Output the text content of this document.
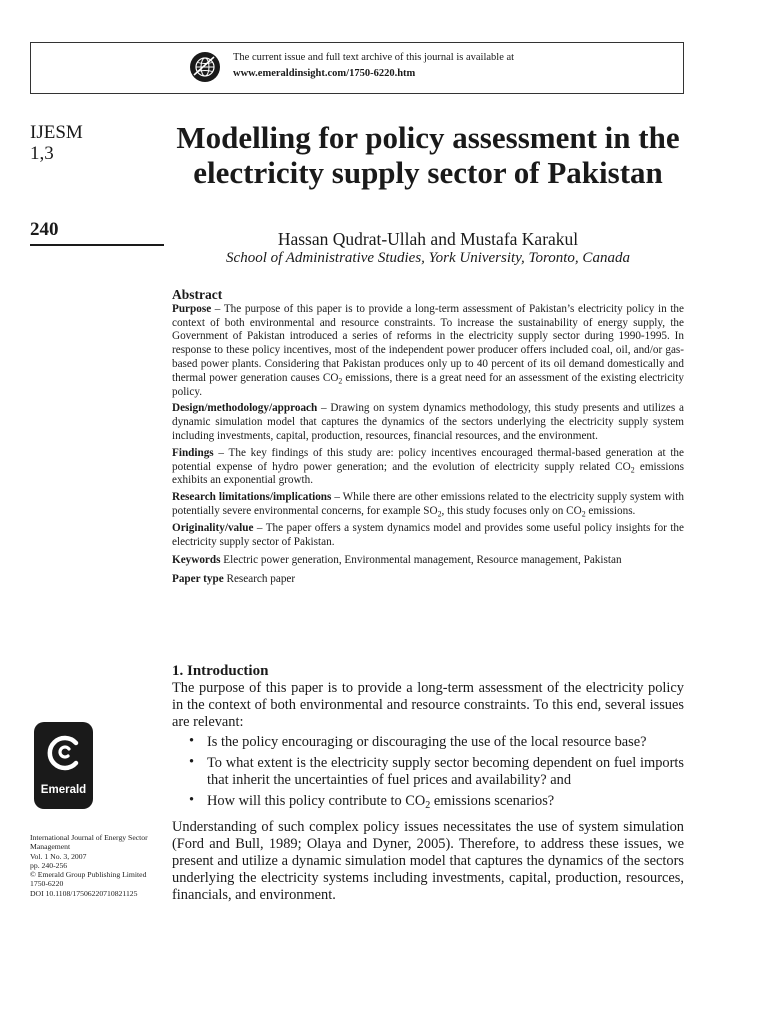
The current issue and full text archive of this journal is available at
www.emeraldinsight.com/1750-6220.htm
IJESM
1,3
240
Modelling for policy assessment in the electricity supply sector of Pakistan
Hassan Qudrat-Ullah and Mustafa Karakul
School of Administrative Studies, York University, Toronto, Canada
Abstract

Purpose – The purpose of this paper is to provide a long-term assessment of Pakistan’s electricity policy in the context of both environmental and resource constraints. To increase the sustainability of energy supply, the Government of Pakistan introduced a series of reforms in the electricity supply sector during 1990-1995. In response to these policy incentives, most of the independent power producer offers included coal, oil, and/or gas-based power plants. Considering that Pakistan produces only up to 40 percent of its oil demand domestically and thermal power generation causes $CO_2$ emissions, there is a great need for an assessment of the existing electricity policy.

Design/methodology/approach – Drawing on system dynamics methodology, this study presents and utilizes a dynamic simulation model that captures the dynamics of the sectors underlying the electricity supply system including investments, capital, production, resources, financial resources, and the environment.

Findings – The key findings of this study are: policy incentives encouraged thermal-based generation at the potential expense of hydro power generation; and the evolution of electricity supply related $CO_2$ emissions exhibits an exponential growth.

Research limitations/implications – While there are other emissions related to the electricity supply system with potentially severe environmental concerns, for example $SO_2$, this study focuses only on $CO_2$ emissions.

Originality/value – The paper offers a system dynamics model and provides some useful policy insights for the electricity supply sector of Pakistan.

Keywords Electric power generation, Environmental management, Resource management, Pakistan

Paper type Research paper

1. Introduction

The purpose of this paper is to provide a long-term assessment of the electricity policy in the context of both environmental and resource constraints. To this end, several issues are relevant:

• Is the policy encouraging or discouraging the use of the local resource base?
• To what extent is the electricity supply sector becoming dependent on fuel imports that inherit the uncertainties of fuel prices and availability? and
• How will this policy contribute to $CO_2$ emissions scenarios?

Understanding of such complex policy issues necessitates the use of system simulation (Ford and Bull, 1989; Olaya and Dyner, 2005). Therefore, to address these issues, we present and utilize a dynamic simulation model that captures the dynamics of the sectors underlying the electricity systems including investments, capital, production, resources, financials, and environment.

Emerald
International Journal of Energy Sector Management
Vol. 1 No. 3, 2007
pp. 240-256
© Emerald Group Publishing Limited
1750-6220
DOI 10.1108/17506220710821125
